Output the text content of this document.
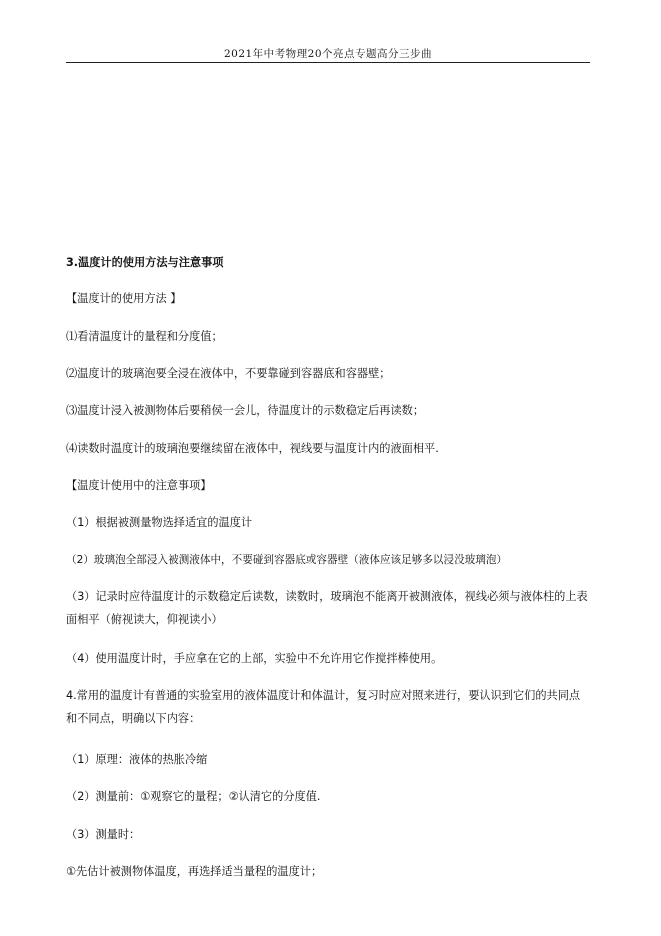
2021年中考物理20个亮点专题高分三步曲
3.温度计的使用方法与注意事项
【温度计的使用方法 】
⑴看清温度计的量程和分度值；
⑵温度计的玻璃泡要全浸在液体中，不要靠碰到容器底和容器壁；
⑶温度计浸入被测物体后要稍侯一会儿，待温度计的示数稳定后再读数；
⑷读数时温度计的玻璃泡要继续留在液体中，视线要与温度计内的液面相平.
【温度计使用中的注意事项】
（1）根据被测量物选择适宜的温度计
（2）玻璃泡全部浸入被测液体中，不要碰到容器底或容器壁（液体应该足够多以浸没玻璃泡）
（3）记录时应待温度计的示数稳定后读数，读数时，玻璃泡不能离开被测液体，视线必须与液体柱的上表面相平（俯视读大，仰视读小）
（4）使用温度计时，手应拿在它的上部，实验中不允许用它作搅拌棒使用。
4.常用的温度计有普通的实验室用的液体温度计和体温计，复习时应对照来进行，要认识到它们的共同点和不同点，明确以下内容：
（1）原理：液体的热胀冷缩
（2）测量前：①观察它的量程；②认清它的分度值.
（3）测量时：
①先估计被测物体温度，再选择适当量程的温度计；
